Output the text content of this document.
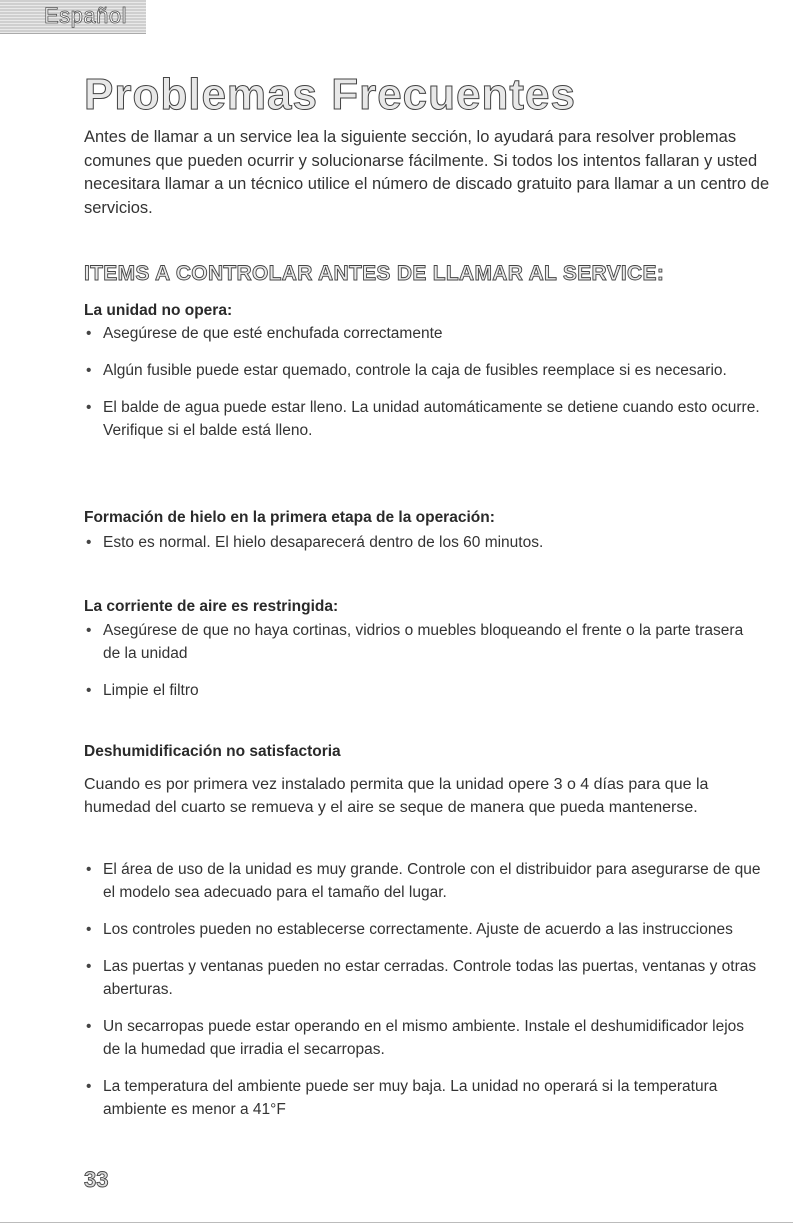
Español
Problemas Frecuentes

Antes de llamar a un service lea la siguiente sección, lo ayudará para resolver problemas comunes que pueden ocurrir y solucionarse fácilmente. Si todos los intentos fallaran y usted necesitara llamar a un técnico utilice el número de discado gratuito para llamar a un centro de servicios.

ITEMS A CONTROLAR ANTES DE LLAMAR AL SERVICE:
La unidad no opera:
• Asegúrese de que esté enchufada correctamente
• Algún fusible puede estar quemado, controle la caja de fusibles reemplace si es necesario.
• El balde de agua puede estar lleno. La unidad automáticamente se detiene cuando esto ocurre. Verifique si el balde está lleno.
Formación de hielo en la primera etapa de la operación:
• Esto es normal. El hielo desaparecerá dentro de los 60 minutos.
La corriente de aire es restringida:
• Asegúrese de que no haya cortinas, vidrios o muebles bloqueando el frente o la parte trasera de la unidad
• Limpie el filtro
Deshumidificación no satisfactoria

Cuando es por primera vez instalado permita que la unidad opere 3 o 4 días para que la humedad del cuarto se remueva y el aire se seque de manera que pueda mantenerse.

• El área de uso de la unidad es muy grande. Controle con el distribuidor para asegurarse de que el modelo sea adecuado para el tamaño del lugar.
• Los controles pueden no establecerse correctamente. Ajuste de acuerdo a las instrucciones
• Las puertas y ventanas pueden no estar cerradas. Controle todas las puertas, ventanas y otras aberturas.
• Un secarropas puede estar operando en el mismo ambiente. Instale el deshumidificador lejos de la humedad que irradia el secarropas.
• La temperatura del ambiente puede ser muy baja. La unidad no operará si la temperatura ambiente es menor a 41°F
33
